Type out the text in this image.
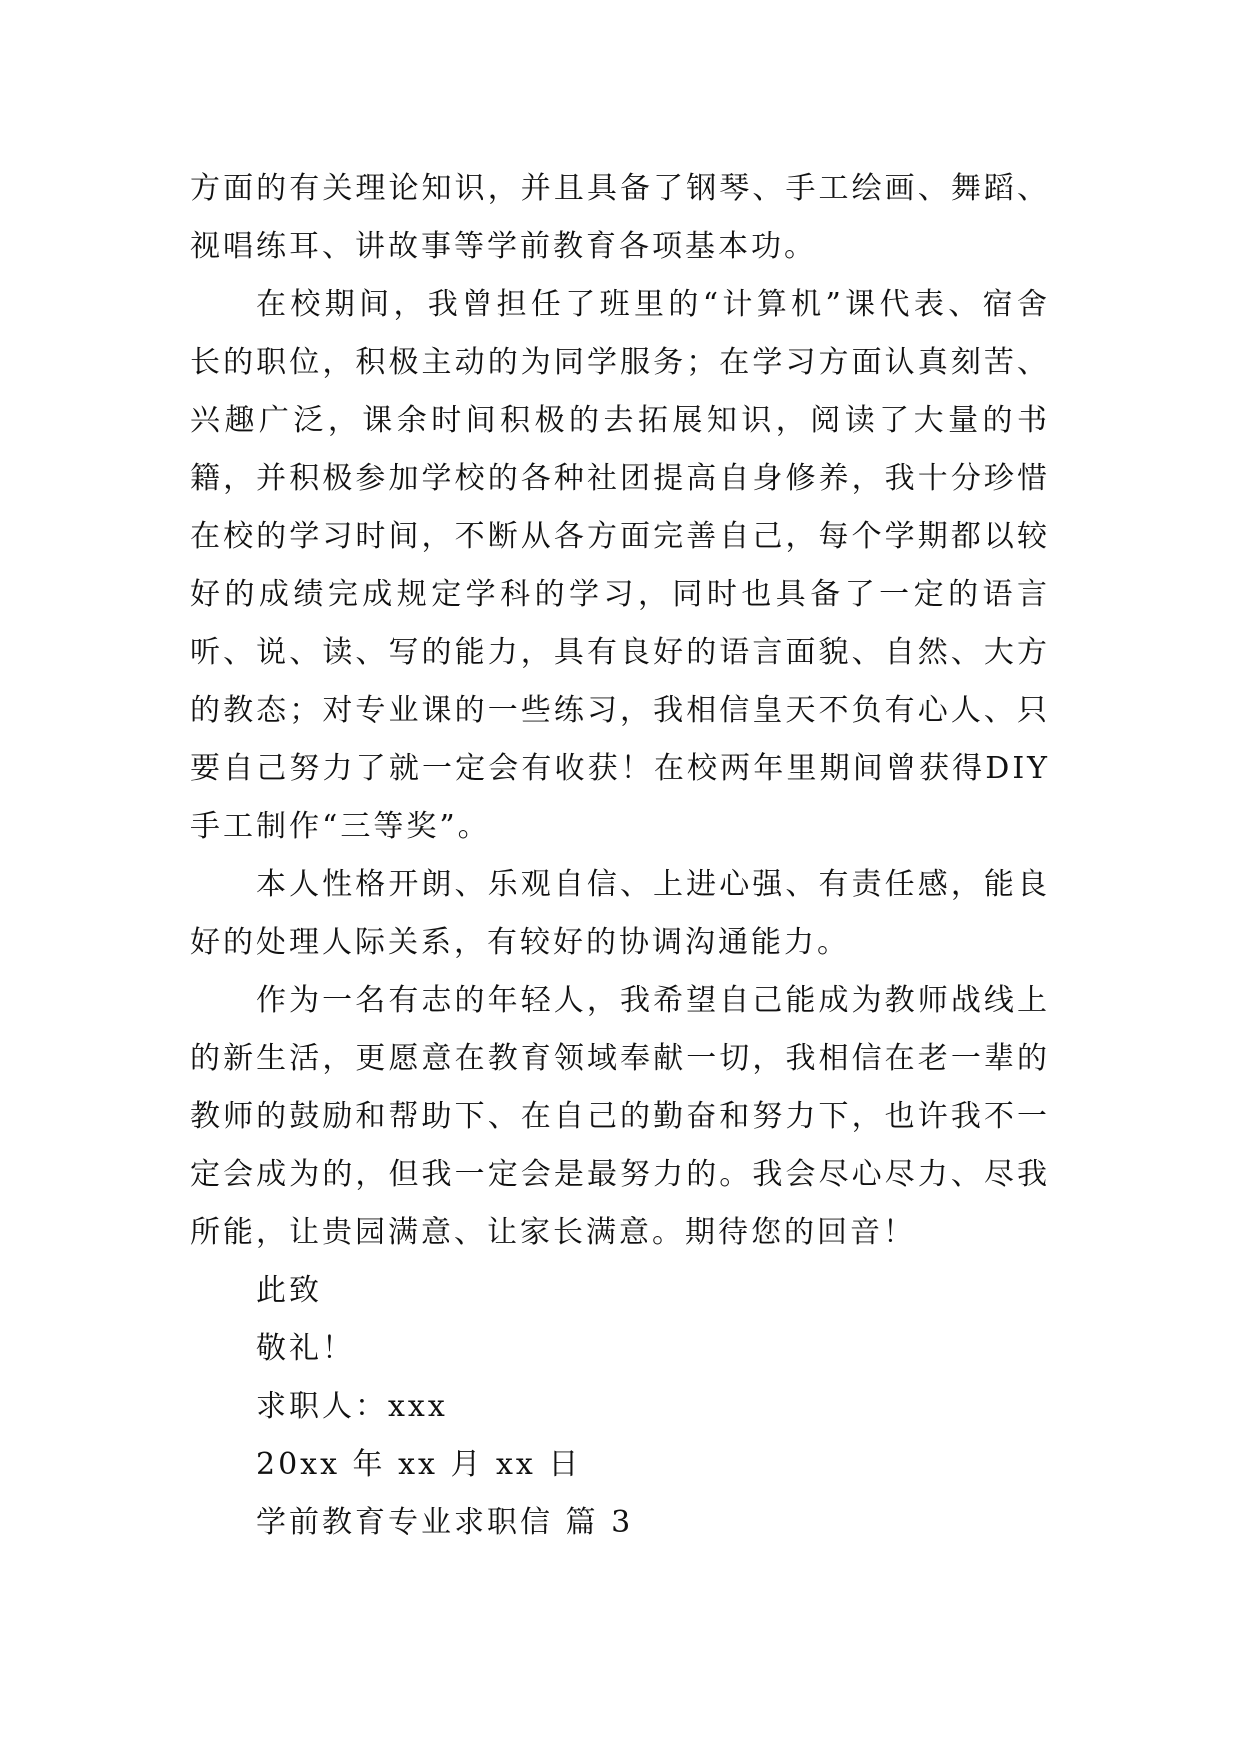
方面的有关理论知识，并且具备了钢琴、手工绘画、舞蹈、视唱练耳、讲故事等学前教育各项基本功。

在校期间，我曾担任了班里的“计算机”课代表、宿舍长的职位，积极主动的为同学服务；在学习方面认真刻苦、兴趣广泛，课余时间积极的去拓展知识，阅读了大量的书籍，并积极参加学校的各种社团提高自身修养，我十分珍惜在校的学习时间，不断从各方面完善自己，每个学期都以较好的成绩完成规定学科的学习，同时也具备了一定的语言听、说、读、写的能力，具有良好的语言面貌、自然、大方的教态；对专业课的一些练习，我相信皇天不负有心人、只要自己努力了就一定会有收获！在校两年里期间曾获得DIY手工制作“三等奖”。

本人性格开朗、乐观自信、上进心强、有责任感，能良好的处理人际关系，有较好的协调沟通能力。

作为一名有志的年轻人，我希望自己能成为教师战线上的新生活，更愿意在教育领域奉献一切，我相信在老一辈的教师的鼓励和帮助下、在自己的勤奋和努力下，也许我不一定会成为的，但我一定会是最努力的。我会尽心尽力、尽我所能，让贵园满意、让家长满意。期待您的回音！

此致

敬礼！

求职人：xxx

20xx 年 xx 月 xx 日

学前教育专业求职信 篇 3
